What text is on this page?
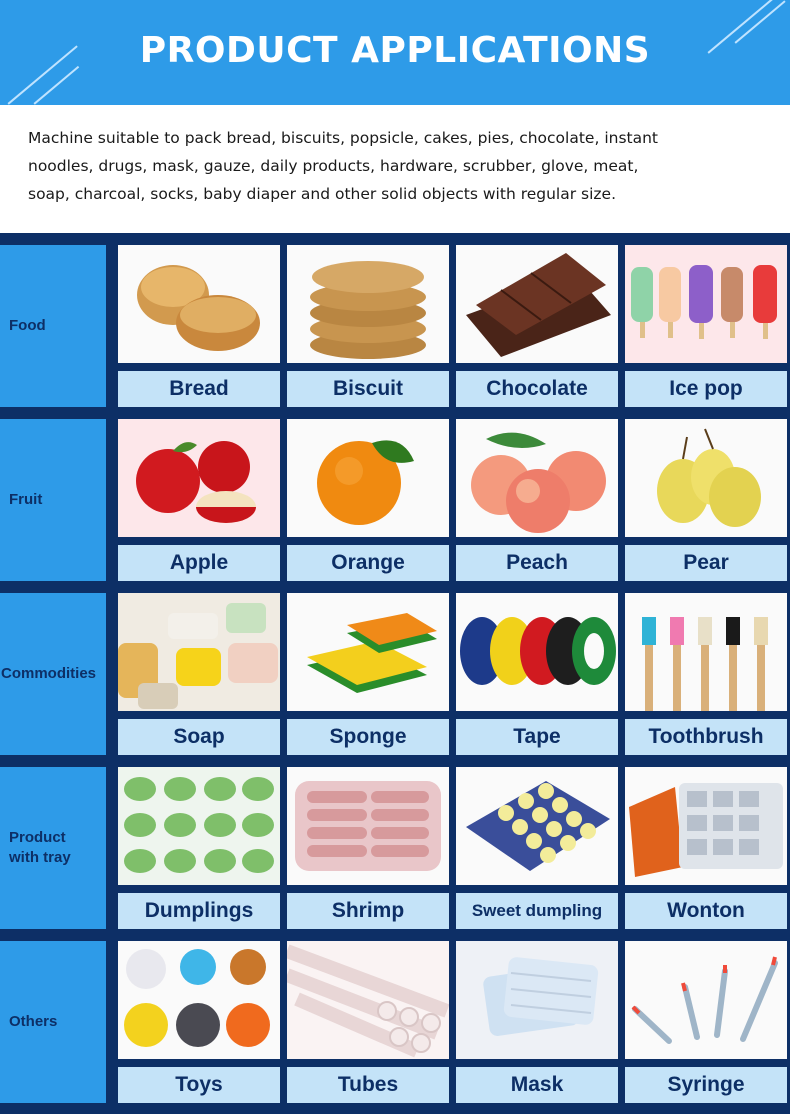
PRODUCT APPLICATIONS
Machine suitable to pack bread, biscuits, popsicle, cakes, pies, chocolate, instant
noodles, drugs, mask, gauze, daily products, hardware, scrubber, glove, meat,
soap, charcoal, socks, baby diaper and other solid objects with regular size.
Food
Bread	Biscuit	Chocolate	Ice pop
Fruit
Apple	Orange	Peach	Pear
Commodities
Soap	Sponge	Tape	Toothbrush
Product
with tray
Dumplings	Shrimp	Sweet dumpling	Wonton
Others
Toys	Tubes	Mask	Syringe
